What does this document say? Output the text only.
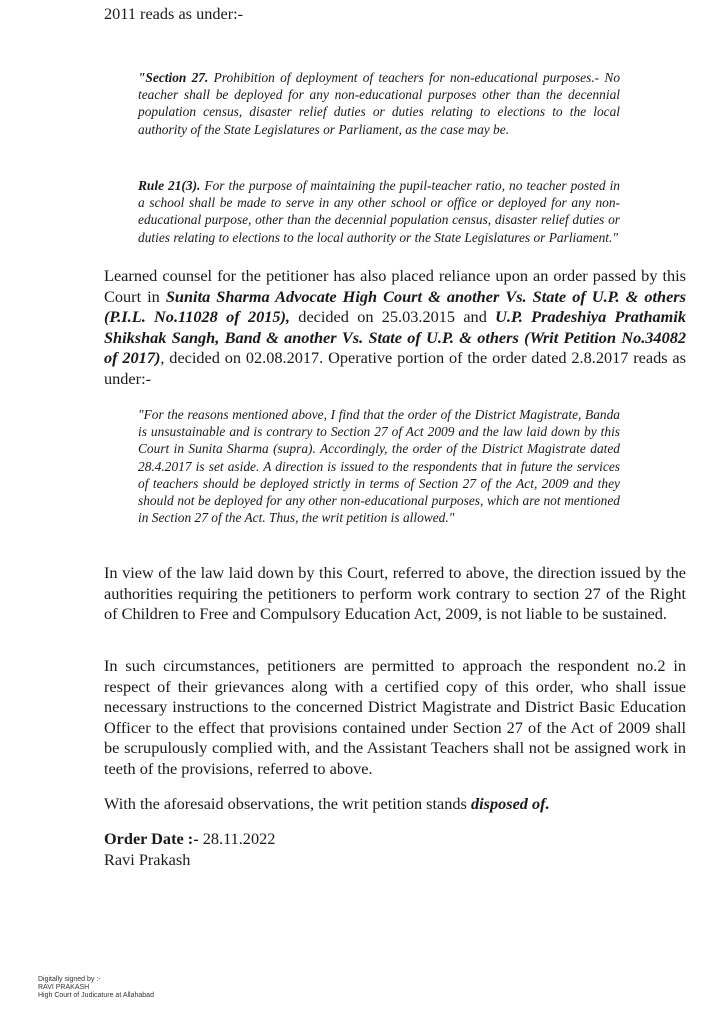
2011 reads as under:-
"Section 27. Prohibition of deployment of teachers for non-educational purposes.- No teacher shall be deployed for any non-educational purposes other than the decennial population census, disaster relief duties or duties relating to elections to the local authority of the State Legislatures or Parliament, as the case may be.
Rule 21(3). For the purpose of maintaining the pupil-teacher ratio, no teacher posted in a school shall be made to serve in any other school or office or deployed for any non-educational purpose, other than the decennial population census, disaster relief duties or duties relating to elections to the local authority or the State Legislatures or Parliament."
Learned counsel for the petitioner has also placed reliance upon an order passed by this Court in Sunita Sharma Advocate High Court & another Vs. State of U.P. & others (P.I.L. No.11028 of 2015), decided on 25.03.2015 and U.P. Pradeshiya Prathamik Shikshak Sangh, Band & another Vs. State of U.P. & others (Writ Petition No.34082 of 2017), decided on 02.08.2017. Operative portion of the order dated 2.8.2017 reads as under:-
"For the reasons mentioned above, I find that the order of the District Magistrate, Banda is unsustainable and is contrary to Section 27 of Act 2009 and the law laid down by this Court in Sunita Sharma (supra). Accordingly, the order of the District Magistrate dated 28.4.2017 is set aside. A direction is issued to the respondents that in future the services of teachers should be deployed strictly in terms of Section 27 of the Act, 2009 and they should not be deployed for any other non-educational purposes, which are not mentioned in Section 27 of the Act. Thus, the writ petition is allowed."
In view of the law laid down by this Court, referred to above, the direction issued by the authorities requiring the petitioners to perform work contrary to section 27 of the Right of Children to Free and Compulsory Education Act, 2009, is not liable to be sustained.
In such circumstances, petitioners are permitted to approach the respondent no.2 in respect of their grievances along with a certified copy of this order, who shall issue necessary instructions to the concerned District Magistrate and District Basic Education Officer to the effect that provisions contained under Section 27 of the Act of 2009 shall be scrupulously complied with, and the Assistant Teachers shall not be assigned work in teeth of the provisions, referred to above.
With the aforesaid observations, the writ petition stands disposed of.
Order Date :- 28.11.2022
Ravi Prakash
Digitally signed by :-
RAVI PRAKASH
High Court of Judicature at Allahabad
